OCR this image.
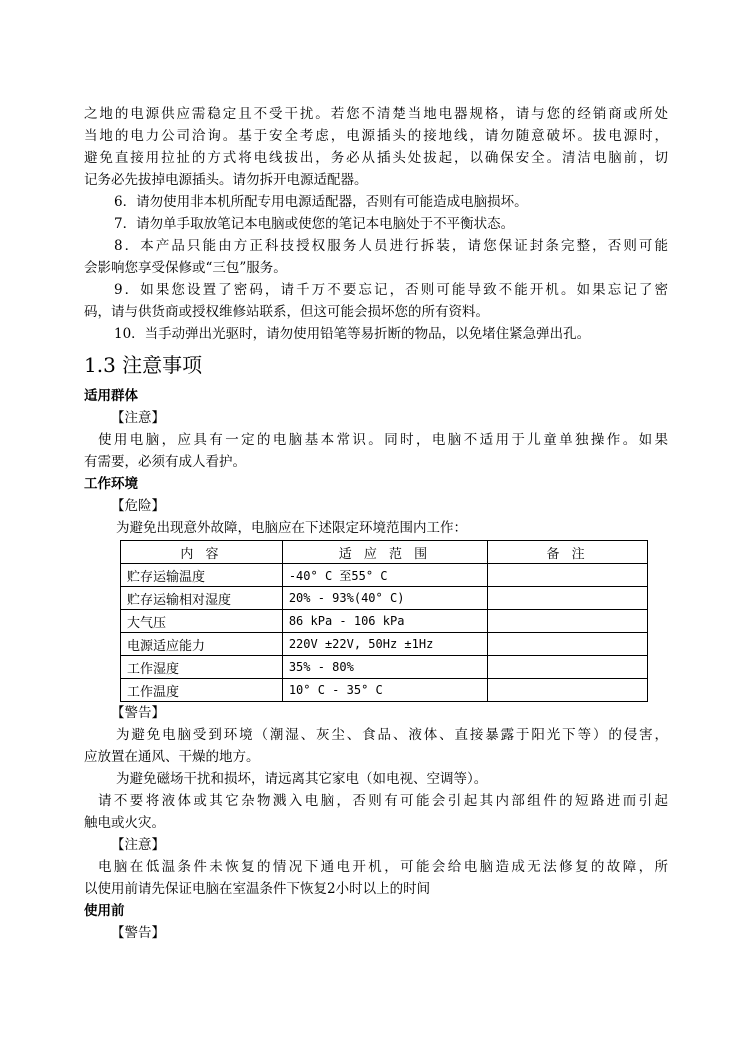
之地的电源供应需稳定且不受干扰。若您不清楚当地电器规格，请与您的经销商或所处
当地的电力公司洽询。基于安全考虑，电源插头的接地线，请勿随意破坏。拔电源时，
避免直接用拉扯的方式将电线拔出，务必从插头处拔起，以确保安全。清洁电脑前，切
记务必先拔掉电源插头。请勿拆开电源适配器。
6．请勿使用非本机所配专用电源适配器，否则有可能造成电脑损坏。
7．请勿单手取放笔记本电脑或使您的笔记本电脑处于不平衡状态。
8．本产品只能由方正科技授权服务人员进行拆装，请您保证封条完整，否则可能
会影响您享受保修或“三包”服务。
9．如果您设置了密码，请千万不要忘记，否则可能导致不能开机。如果忘记了密
码，请与供货商或授权维修站联系，但这可能会损坏您的所有资料。
10．当手动弹出光驱时，请勿使用铅笔等易折断的物品，以免堵住紧急弹出孔。
1.3 注意事项
适用群体
【注意】
使用电脑，应具有一定的电脑基本常识。同时，电脑不适用于儿童单独操作。如果
有需要，必须有成人看护。
工作环境
【危险】
为避免出现意外故障，电脑应在下述限定环境范围内工作：
内 容	适 应 范 围	备 注
贮存运输温度	-40° C 至55° C	
贮存运输相对湿度	20% - 93%(40° C)	
大气压	86 kPa - 106 kPa	
电源适应能力	220V ±22V, 50Hz ±1Hz	
工作湿度	35% - 80%	
工作温度	10° C - 35° C	
【警告】
为避免电脑受到环境（潮湿、灰尘、食品、液体、直接暴露于阳光下等）的侵害，
应放置在通风、干燥的地方。
为避免磁场干扰和损坏，请远离其它家电（如电视、空调等）。
请不要将液体或其它杂物溅入电脑，否则有可能会引起其内部组件的短路进而引起
触电或火灾。
【注意】
电脑在低温条件未恢复的情况下通电开机，可能会给电脑造成无法修复的故障，所
以使用前请先保证电脑在室温条件下恢复2小时以上的时间
使用前
【警告】
